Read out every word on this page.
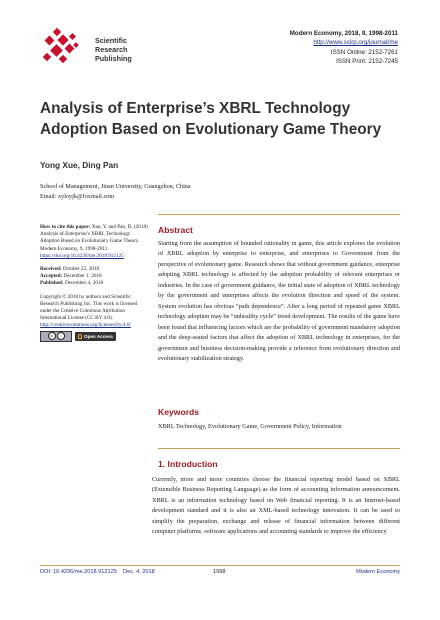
Scientific
Research
Publishing
Modern Economy, 2018, 9, 1998-2011
http://www.scirp.org/journal/me
ISSN Online: 2152-7261
ISSN Print: 2152-7245
Analysis of Enterprise’s XBRL Technology
Adoption Based on Evolutionary Game Theory
Yong Xue, Ding Pan
School of Management, Jinan University, Guangzhou, China
Email: xyloyjk@foxmail.com

How to cite this paper: Xue, Y. and Pan, D. (2018) Analysis of Enterprise’s XBRL Technology Adoption Based on Evolutionary Game Theory. Modern Economy, 9, 1998-2011. https://doi.org/10.4236/me.2018.912125

Received: October 22, 2018
Accepted: December 1, 2018
Published: December 4, 2018

Copyright © 2018 by authors and Scientific Research Publishing Inc. This work is licensed under the Creative Commons Attribution International License (CC BY 4.0).
http://creativecommons.org/licenses/by/4.0/

cc	i	Open Access
Abstract
Starting from the assumption of bounded rationality in game, this article explores the evolution of XBRL adoption by enterprise to enterprise, and enterprises to Government from the perspective of evolutionary game. Research shows that without government guidance, enterprise adopting XBRL technology is affected by the adoption probability of relevant enterprises or industries. In the case of government guidance, the initial state of adoption of XBRL technology by the government and enterprises affects the evolution direction and speed of the system. System evolution has obvious “path dependence”. After a long period of repeated game XBRL technology adoption may be “unhealthy cycle” trend development. The results of the game have been found that influencing factors which are the probability of government mandatory adoption and the deep-seated factors that affect the adoption of XBRL technology in enterprises, for the government and business decision-making provide a reference from evolutionary direction and evolutionary stabilization strategy.
Keywords
XBRL Technology, Evolutionary Game, Government Policy, Information
1. Introduction
Currently, more and more countries choose the financial reporting model based on XBRL (Extensible Business Reporting Language) as the form of accounting information announcement. XBRL is an information technology based on Web financial reporting. It is an Internet-based development standard and it is also an XML-based technology innovation. It can be used to simplify the preparation, exchange and release of financial information between different computer platforms, software applications and accounting standards to improve the efficiency
DOI: 10.4236/me.2018.912125 Dec. 4, 2018	1998	Modern Economy
